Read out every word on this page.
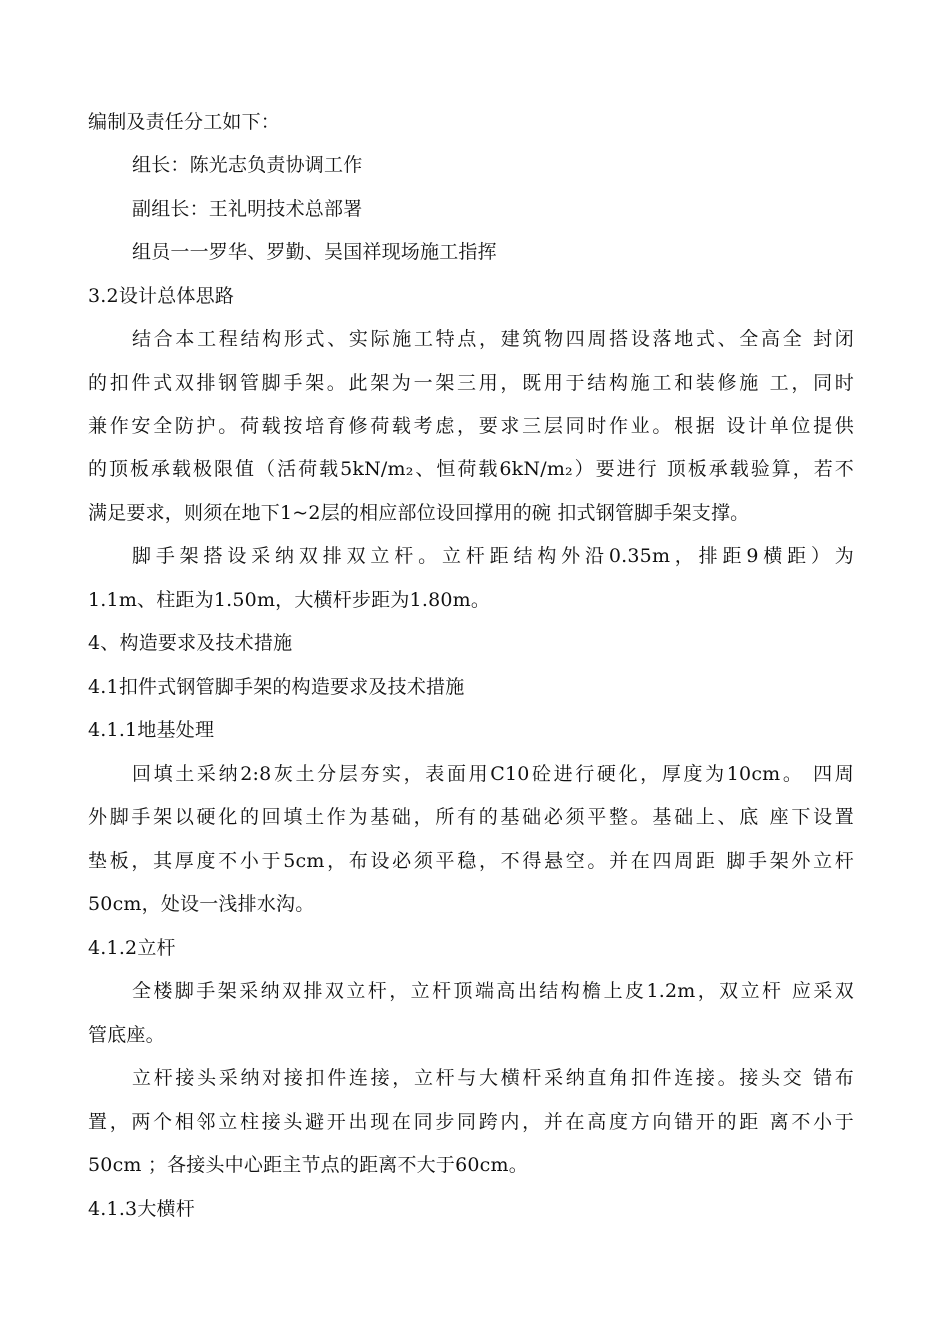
编制及责任分工如下：
组长：陈光志负责协调工作
副组长：王礼明技术总部署
组员一一罗华、罗勤、吴国祥现场施工指挥
3.2设计总体思路
结合本工程结构形式、实际施工特点，建筑物四周搭设落地式、全高全 封闭
的扣件式双排钢管脚手架。此架为一架三用，既用于结构施工和装修施 工，同时
兼作安全防护。荷载按培育修荷载考虑，要求三层同时作业。根据 设计单位提供
的顶板承载极限值（活荷载5kN/m₂、恒荷载6kN/m₂）要进行 顶板承载验算，若不
满足要求，则须在地下1~2层的相应部位设回撑用的碗 扣式钢管脚手架支撑。
脚手架搭设采纳双排双立杆。立杆距结构外沿0.35m，排距9横距）为
1.1m、柱距为1.50m，大横杆步距为1.80m。
4、构造要求及技术措施
4.1扣件式钢管脚手架的构造要求及技术措施
4.1.1地基处理
回填土采纳2:8灰土分层夯实，表面用C10砼进行硬化，厚度为10cm。 四周
外脚手架以硬化的回填土作为基础，所有的基础必须平整。基础上、底 座下设置
垫板，其厚度不小于5cm，布设必须平稳，不得悬空。并在四周距 脚手架外立杆
50cm，处设一浅排水沟。
4.1.2立杆
全楼脚手架采纳双排双立杆，立杆顶端高出结构檐上皮1.2m，双立杆 应采双
管底座。
立杆接头采纳对接扣件连接，立杆与大横杆采纳直角扣件连接。接头交 错布
置，两个相邻立柱接头避开出现在同步同跨内，并在高度方向错开的距 离不小于
50cm ；各接头中心距主节点的距离不大于60cm。
4.1.3大横杆
